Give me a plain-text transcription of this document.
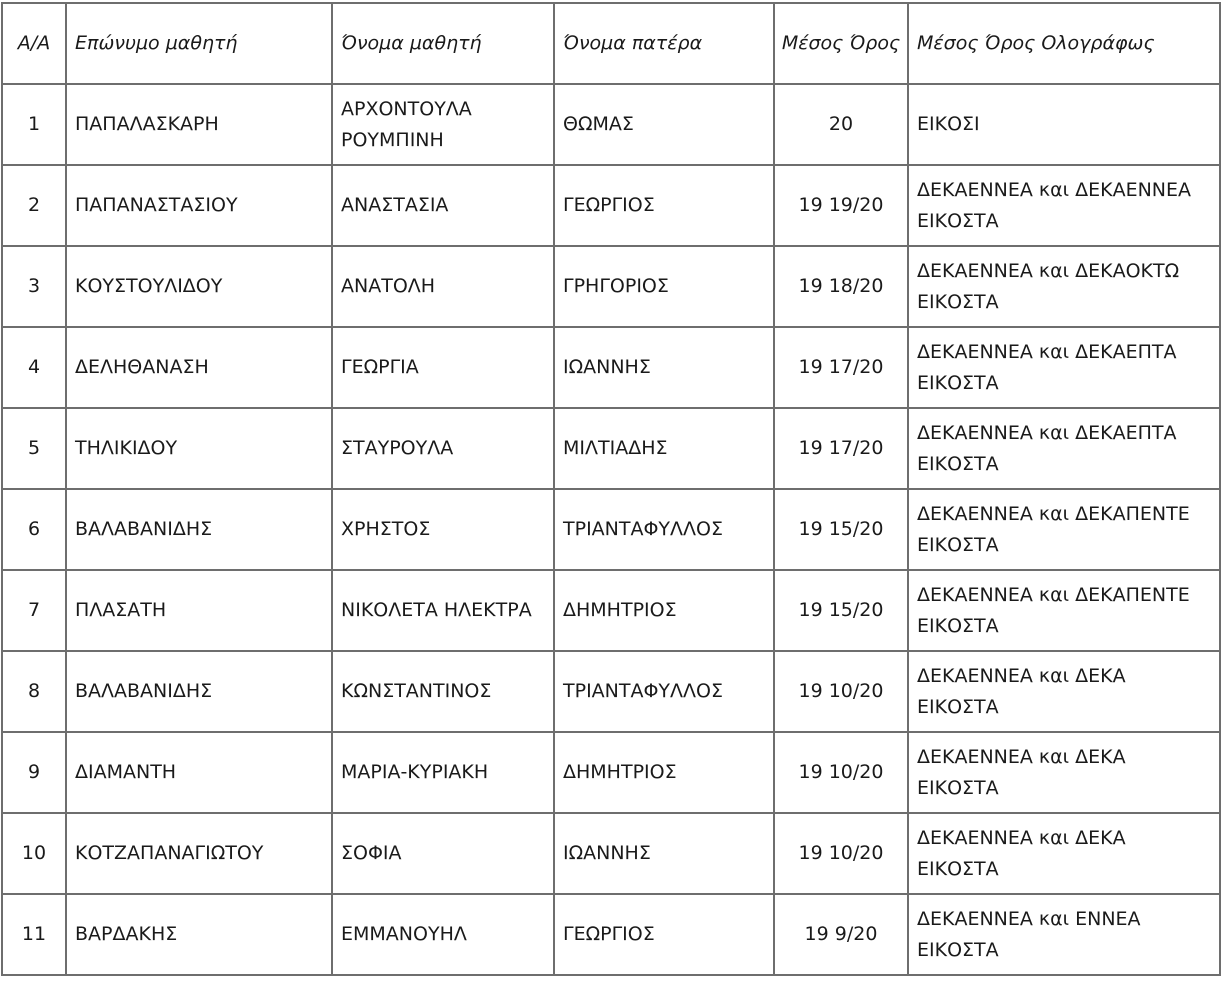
Α/Α	Επώνυμο μαθητή	Όνομα μαθητή	Όνομα πατέρα	Μέσος Όρος	Μέσος Όρος Ολογράφως
1	ΠΑΠΑΛΑΣΚΑΡΗ	ΑΡΧΟΝΤΟΥΛΑ ΡΟΥΜΠΙΝΗ	ΘΩΜΑΣ	20	ΕΙΚΟΣΙ
2	ΠΑΠΑΝΑΣΤΑΣΙΟΥ	ΑΝΑΣΤΑΣΙΑ	ΓΕΩΡΓΙΟΣ	19 19/20	ΔΕΚΑΕΝΝΕΑ και ΔΕΚΑΕΝΝΕΑ ΕΙΚΟΣΤΑ
3	ΚΟΥΣΤΟΥΛΙΔΟΥ	ΑΝΑΤΟΛΗ	ΓΡΗΓΟΡΙΟΣ	19 18/20	ΔΕΚΑΕΝΝΕΑ και ΔΕΚΑΟΚΤΩ ΕΙΚΟΣΤΑ
4	ΔΕΛΗΘΑΝΑΣΗ	ΓΕΩΡΓΙΑ	ΙΩΑΝΝΗΣ	19 17/20	ΔΕΚΑΕΝΝΕΑ και ΔΕΚΑΕΠΤΑ ΕΙΚΟΣΤΑ
5	ΤΗΛΙΚΙΔΟΥ	ΣΤΑΥΡΟΥΛΑ	ΜΙΛΤΙΑΔΗΣ	19 17/20	ΔΕΚΑΕΝΝΕΑ και ΔΕΚΑΕΠΤΑ ΕΙΚΟΣΤΑ
6	ΒΑΛΑΒΑΝΙΔΗΣ	ΧΡΗΣΤΟΣ	ΤΡΙΑΝΤΑΦΥΛΛΟΣ	19 15/20	ΔΕΚΑΕΝΝΕΑ και ΔΕΚΑΠΕΝΤΕ ΕΙΚΟΣΤΑ
7	ΠΛΑΣΑΤΗ	ΝΙΚΟΛΕΤΑ ΗΛΕΚΤΡΑ	ΔΗΜΗΤΡΙΟΣ	19 15/20	ΔΕΚΑΕΝΝΕΑ και ΔΕΚΑΠΕΝΤΕ ΕΙΚΟΣΤΑ
8	ΒΑΛΑΒΑΝΙΔΗΣ	ΚΩΝΣΤΑΝΤΙΝΟΣ	ΤΡΙΑΝΤΑΦΥΛΛΟΣ	19 10/20	ΔΕΚΑΕΝΝΕΑ και ΔΕΚΑ ΕΙΚΟΣΤΑ
9	ΔΙΑΜΑΝΤΗ	ΜΑΡΙΑ-ΚΥΡΙΑΚΗ	ΔΗΜΗΤΡΙΟΣ	19 10/20	ΔΕΚΑΕΝΝΕΑ και ΔΕΚΑ ΕΙΚΟΣΤΑ
10	ΚΟΤΖΑΠΑΝΑΓΙΩΤΟΥ	ΣΟΦΙΑ	ΙΩΑΝΝΗΣ	19 10/20	ΔΕΚΑΕΝΝΕΑ και ΔΕΚΑ ΕΙΚΟΣΤΑ
11	ΒΑΡΔΑΚΗΣ	ΕΜΜΑΝΟΥΗΛ	ΓΕΩΡΓΙΟΣ	19 9/20	ΔΕΚΑΕΝΝΕΑ και ΕΝΝΕΑ ΕΙΚΟΣΤΑ
